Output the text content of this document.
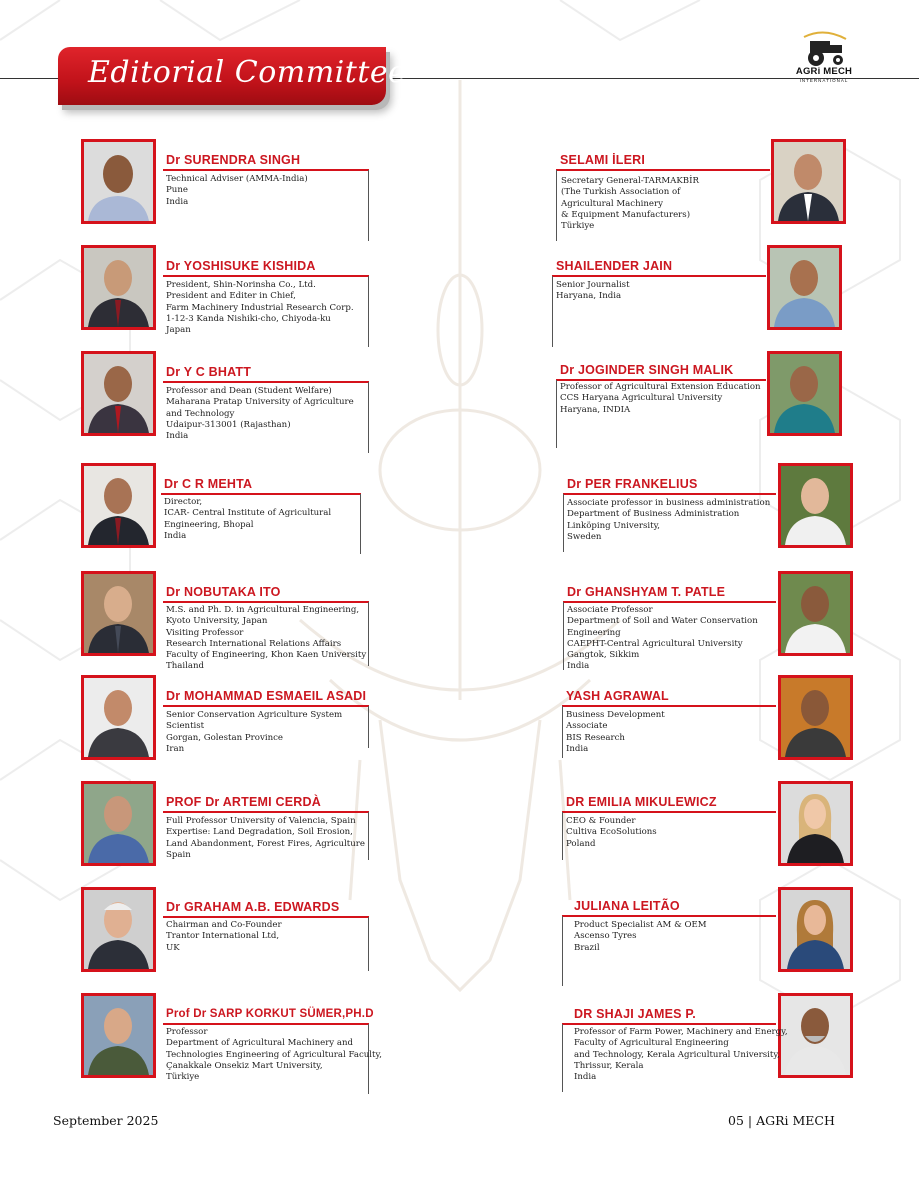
Editorial Committee	AGRi MECH
INTERNATIONAL
Dr SURENDRA SINGH
Technical Adviser (AMMA-India)
Pune
India
SELAMI İLERI
Secretary General-TARMAKBİR
(The Turkish Association of
Agricultural Machinery
& Equipment Manufacturers)
Türkiye
Dr YOSHISUKE KISHIDA
President, Shin-Norinsha Co., Ltd.
President and Editer in Chief,
Farm Machinery Industrial Research Corp.
1-12-3 Kanda Nishiki-cho, Chiyoda-ku
Japan
SHAILENDER JAIN
Senior Journalist
Haryana, India
Dr Y C BHATT
Professor and Dean (Student Welfare)
Maharana Pratap University of Agriculture
and Technology
Udaipur-313001 (Rajasthan)
India
Dr JOGINDER SINGH MALIK
Professor of Agricultural Extension Education
CCS Haryana Agricultural University
Haryana, INDIA
Dr C R MEHTA
Director,
ICAR- Central Institute of Agricultural
Engineering, Bhopal
India
Dr PER FRANKELIUS
Associate professor in business administration
Department of Business Administration
Linköping University,
Sweden
Dr NOBUTAKA ITO
M.S. and Ph. D. in Agricultural Engineering,
Kyoto University, Japan
Visiting Professor
Research International Relations Affairs
Faculty of Engineering, Khon Kaen University
Thailand
Dr GHANSHYAM T. PATLE
Associate Professor
Department of Soil and Water Conservation
Engineering
CAEPHT-Central Agricultural University
Gangtok, Sikkim
India
Dr MOHAMMAD ESMAEIL ASADI
Senior Conservation Agriculture System
Scientist
Gorgan, Golestan Province
Iran
YASH AGRAWAL
Business Development
Associate
BIS Research
India
PROF Dr ARTEMI CERDÀ
Full Professor University of Valencia, Spain
Expertise: Land Degradation, Soil Erosion,
Land Abandonment, Forest Fires, Agriculture
Spain
DR EMILIA MIKULEWICZ
CEO & Founder
Cultiva EcoSolutions
Poland
Dr GRAHAM A.B. EDWARDS
Chairman and Co-Founder
Trantor International Ltd,
UK
JULIANA LEITÃO
Product Specialist AM & OEM
Ascenso Tyres
Brazil
Prof Dr SARP KORKUT SÜMER,PH.D
Professor
Department of Agricultural Machinery and
Technologies Engineering of Agricultural Faculty,
Çanakkale Onsekiz Mart University,
Türkiye
DR SHAJI JAMES P.
Professor of Farm Power, Machinery and Energy,
Faculty of Agricultural Engineering
and Technology, Kerala Agricultural University,
Thrissur, Kerala
India
September 2025	05 | AGRi MECH
